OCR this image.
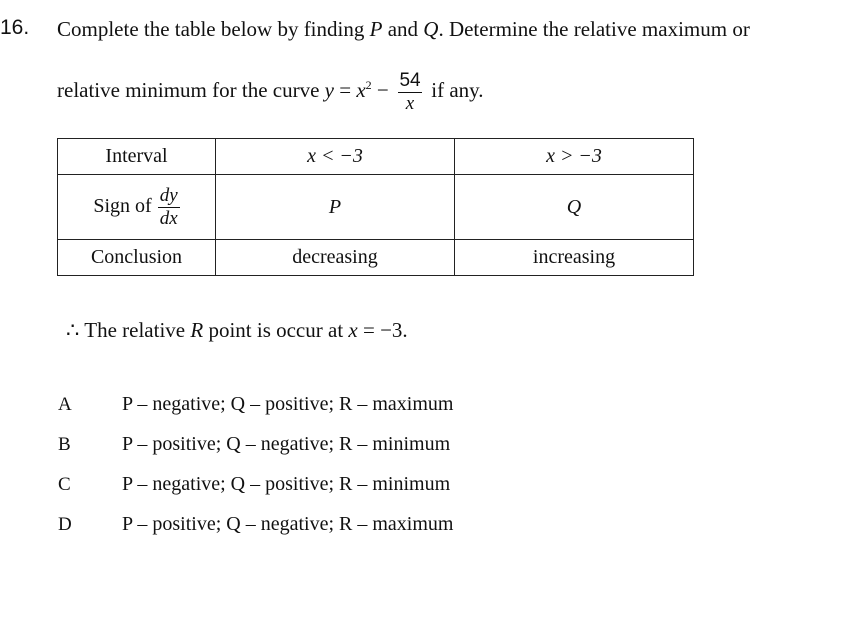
16. Complete the table below by finding P and Q. Determine the relative maximum or
relative minimum for the curve $y = x^2 - \frac{54}{x}$ if any.
Interval	x < −3	x > −3
Sign of $\frac{dy}{dx}$	P	Q
Conclusion	decreasing	increasing
∴ The relative R point is occur at x = −3.
A	P – negative; Q – positive; R – maximum
B	P – positive; Q – negative; R – minimum
C	P – negative; Q – positive; R – minimum
D	P – positive; Q – negative; R – maximum
